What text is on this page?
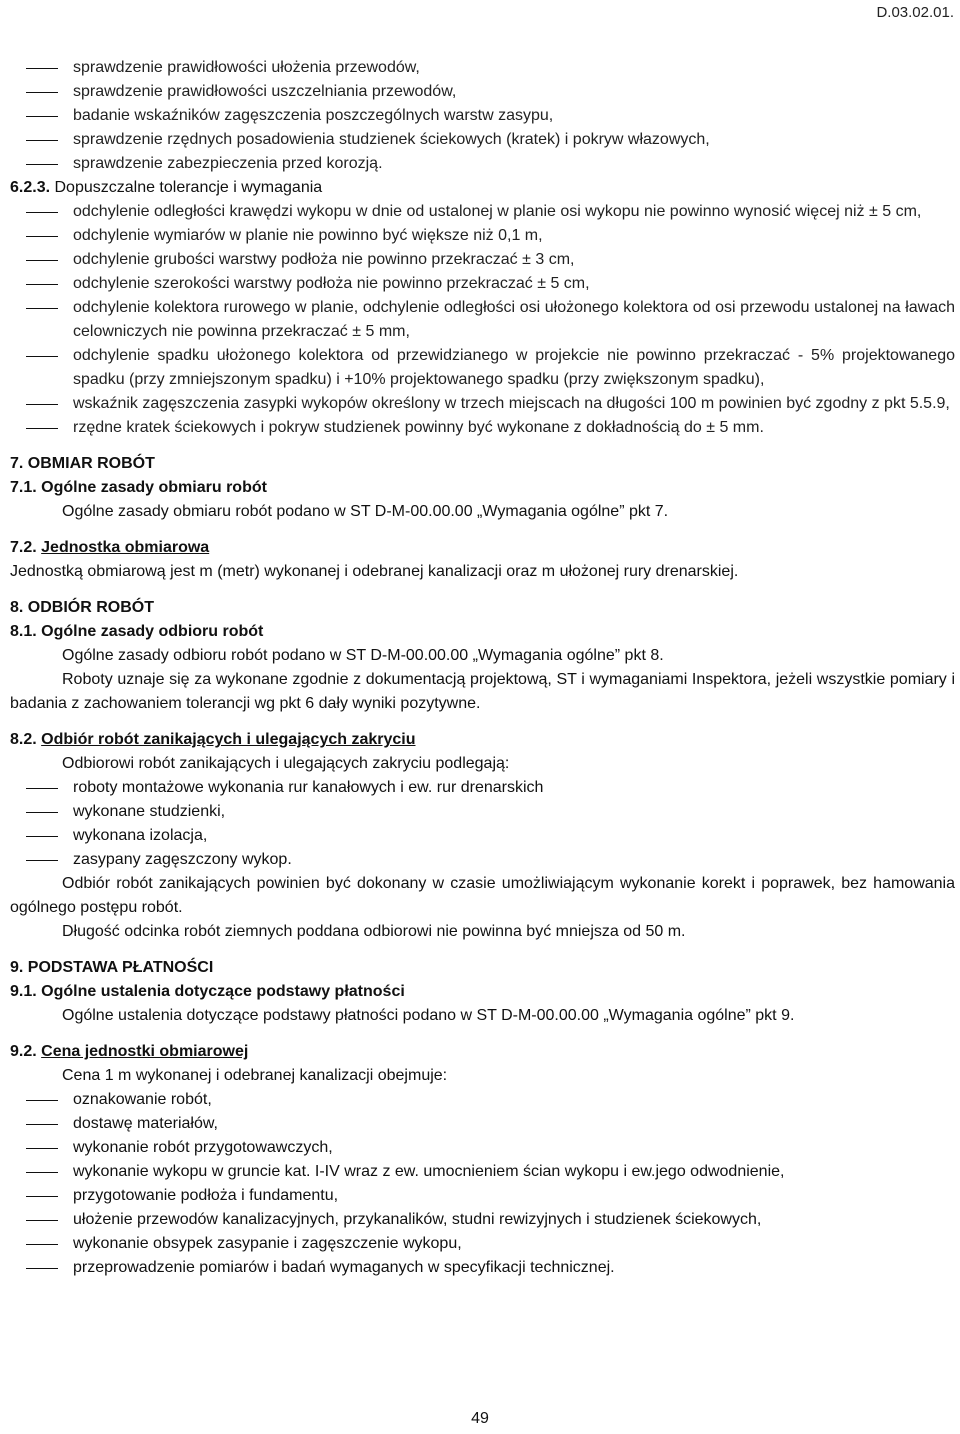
D.03.02.01.
sprawdzenie prawidłowości ułożenia przewodów,
sprawdzenie prawidłowości uszczelniania przewodów,
badanie wskaźników zagęszczenia poszczególnych warstw zasypu,
sprawdzenie rzędnych posadowienia studzienek ściekowych (kratek) i pokryw włazowych,
sprawdzenie zabezpieczenia przed korozją.

6.2.3. Dopuszczalne tolerancje i wymagania

odchylenie odległości krawędzi wykopu w dnie od ustalonej w planie osi wykopu nie powinno wynosić więcej niż ± 5 cm,
odchylenie wymiarów w planie nie powinno być większe niż 0,1 m,
odchylenie grubości warstwy podłoża nie powinno przekraczać ± 3 cm,
odchylenie szerokości warstwy podłoża nie powinno przekraczać ± 5 cm,
odchylenie kolektora rurowego w planie, odchylenie odległości osi ułożonego kolektora od osi przewodu ustalonej na ławach celowniczych nie powinna przekraczać ± 5 mm,
odchylenie spadku ułożonego kolektora od przewidzianego w projekcie nie powinno przekraczać - 5% projektowanego spadku (przy zmniejszonym spadku) i +10% projektowanego spadku (przy zwiększonym spadku),
wskaźnik zagęszczenia zasypki wykopów określony w trzech miejscach na długości 100 m powinien być zgodny z pkt 5.5.9,
rzędne kratek ściekowych i pokryw studzienek powinny być wykonane z dokładnością do ± 5 mm.

7. OBMIAR ROBÓT

7.1. Ogólne zasady obmiaru robót

Ogólne zasady obmiaru robót podano w ST D-M-00.00.00 „Wymagania ogólne” pkt 7.

7.2. Jednostka obmiarowa

Jednostką obmiarową jest m (metr) wykonanej i odebranej kanalizacji oraz m ułożonej rury drenarskiej.

8. ODBIÓR ROBÓT

8.1. Ogólne zasady odbioru robót

Ogólne zasady odbioru robót podano w ST D-M-00.00.00 „Wymagania ogólne” pkt 8.

Roboty uznaje się za wykonane zgodnie z dokumentacją projektową, ST i wymaganiami Inspektora, jeżeli wszystkie pomiary i badania z zachowaniem tolerancji wg pkt 6 dały wyniki pozytywne.

8.2. Odbiór robót zanikających i ulegających zakryciu

Odbiorowi robót zanikających i ulegających zakryciu podlegają:

roboty montażowe wykonania rur kanałowych i ew. rur drenarskich
wykonane studzienki,
wykonana izolacja,
zasypany zagęszczony wykop.

Odbiór robót zanikających powinien być dokonany w czasie umożliwiającym wykonanie korekt i poprawek, bez hamowania ogólnego postępu robót.

Długość odcinka robót ziemnych poddana odbiorowi nie powinna być mniejsza od 50 m.

9. PODSTAWA PŁATNOŚCI

9.1. Ogólne ustalenia dotyczące podstawy płatności

Ogólne ustalenia dotyczące podstawy płatności podano w ST D-M-00.00.00 „Wymagania ogólne” pkt 9.

9.2. Cena jednostki obmiarowej

Cena 1 m wykonanej i odebranej kanalizacji obejmuje:

oznakowanie robót,
dostawę materiałów,
wykonanie robót przygotowawczych,
wykonanie wykopu w gruncie kat. I-IV wraz z ew. umocnieniem ścian wykopu i ew.jego odwodnienie,
przygotowanie podłoża i fundamentu,
ułożenie przewodów kanalizacyjnych, przykanalików, studni rewizyjnych i studzienek ściekowych,
wykonanie obsypek zasypanie i zagęszczenie wykopu,
przeprowadzenie pomiarów i badań wymaganych w specyfikacji technicznej.
49
